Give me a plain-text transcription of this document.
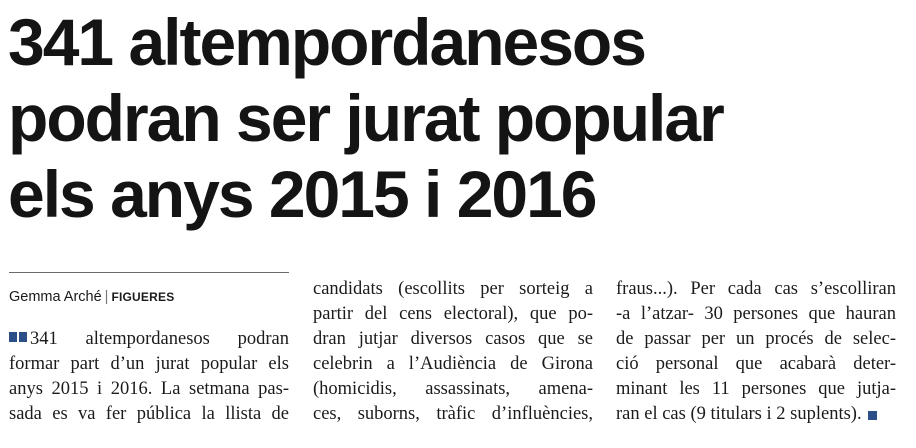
341 altempordanesos
podran ser jurat popular
els anys 2015 i 2016
Gemma Arché | FIGUERES
341 altempordanesos podran
formar part d’un jurat popular els
anys 2015 i 2016. La setmana pas-
sada es va fer pública la llista de
candidats (escollits per sorteig a
partir del cens electoral), que po-
dran jutjar diversos casos que se
celebrin a l’Audiència de Girona
(homicidis, assassinats, amena-
ces, suborns, tràfic d’influències,
fraus...). Per cada cas s’escolliran
-a l’atzar- 30 persones que hauran
de passar per un procés de selec-
ció personal que acabarà deter-
minant les 11 persones que jutja-
ran el cas (9 titulars i 2 suplents).
